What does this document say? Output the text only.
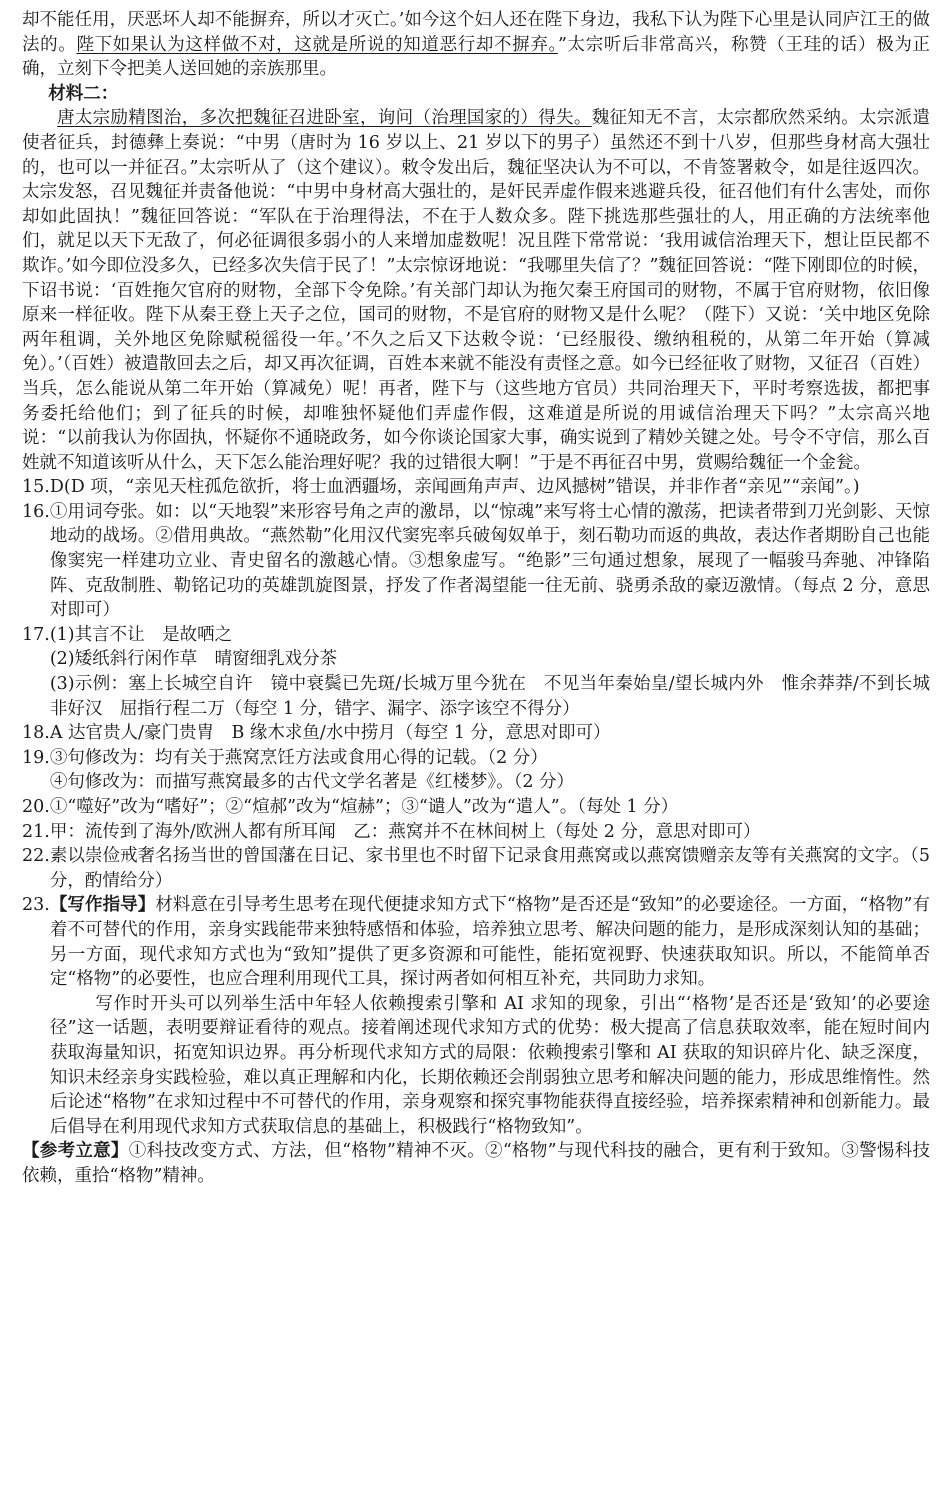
却不能任用，厌恶坏人却不能摒弃，所以才灭亡。’如今这个妇人还在陛下身边，我私下认为陛下心里是认同庐江王的做法的。陛下如果认为这样做不对，这就是所说的知道恶行却不摒弃。”太宗听后非常高兴，称赞（王珪的话）极为正确，立刻下令把美人送回她的亲族那里。

材料二：

唐太宗励精图治，多次把魏征召进卧室，询问（治理国家的）得失。魏征知无不言，太宗都欣然采纳。太宗派遣使者征兵，封德彝上奏说：“中男（唐时为 16 岁以上、21 岁以下的男子）虽然还不到十八岁，但那些身材高大强壮的，也可以一并征召。”太宗听从了（这个建议）。敕令发出后，魏征坚决认为不可以，不肯签署敕令，如是往返四次。太宗发怒，召见魏征并责备他说：“中男中身材高大强壮的，是奸民弄虚作假来逃避兵役，征召他们有什么害处，而你却如此固执！”魏征回答说：“军队在于治理得法，不在于人数众多。陛下挑选那些强壮的人，用正确的方法统率他们，就足以天下无敌了，何必征调很多弱小的人来增加虚数呢！况且陛下常常说：‘我用诚信治理天下，想让臣民都不欺诈。’如今即位没多久，已经多次失信于民了！”太宗惊讶地说：“我哪里失信了？”魏征回答说：“陛下刚即位的时候，下诏书说：‘百姓拖欠官府的财物，全部下令免除。’有关部门却认为拖欠秦王府国司的财物，不属于官府财物，依旧像原来一样征收。陛下从秦王登上天子之位，国司的财物，不是官府的财物又是什么呢？（陛下）又说：‘关中地区免除两年租调，关外地区免除赋税徭役一年。’不久之后又下达敕令说：‘已经服役、缴纳租税的，从第二年开始（算减免）。’（百姓）被遣散回去之后，却又再次征调，百姓本来就不能没有责怪之意。如今已经征收了财物，又征召（百姓）当兵，怎么能说从第二年开始（算减免）呢！再者，陛下与（这些地方官员）共同治理天下，平时考察选拔，都把事务委托给他们；到了征兵的时候，却唯独怀疑他们弄虚作假，这难道是所说的用诚信治理天下吗？”太宗高兴地说：“以前我认为你固执，怀疑你不通晓政务，如今你谈论国家大事，确实说到了精妙关键之处。号令不守信，那么百姓就不知道该听从什么，天下怎么能治理好呢？我的过错很大啊！”于是不再征召中男，赏赐给魏征一个金瓮。

15. D(D 项，“亲见天柱孤危欲折，将士血洒疆场，亲闻画角声声、边风撼树”错误，并非作者“亲见”“亲闻”。)

16. ①用词夸张。如：以“天地裂”来形容号角之声的激昂，以“惊魂”来写将士心情的激荡，把读者带到刀光剑影、天惊地动的战场。②借用典故。“燕然勒”化用汉代窦宪率兵破匈奴单于，刻石勒功而返的典故，表达作者期盼自己也能像窦宪一样建功立业、青史留名的激越心情。③想象虚写。“绝影”三句通过想象，展现了一幅骏马奔驰、冲锋陷阵、克敌制胜、勒铭记功的英雄凯旋图景，抒发了作者渴望能一往无前、骁勇杀敌的豪迈激情。（每点 2 分，意思对即可）

17. (1)其言不让　是故哂之

(2)矮纸斜行闲作草　晴窗细乳戏分茶

(3)示例：塞上长城空自许　镜中衰鬓已先斑/长城万里今犹在　不见当年秦始皇/望长城内外　惟余莽莽/不到长城非好汉　屈指行程二万（每空 1 分，错字、漏字、添字该空不得分）

18. A 达官贵人/豪门贵胄　B 缘木求鱼/水中捞月（每空 1 分，意思对即可）

19. ③句修改为：均有关于燕窝烹饪方法或食用心得的记载。（2 分）

④句修改为：而描写燕窝最多的古代文学名著是《红楼梦》。（2 分）

20. ①“噬好”改为“嗜好”；②“煊郝”改为“煊赫”；③“谴人”改为“遣人”。（每处 1 分）

21. 甲：流传到了海外/欧洲人都有所耳闻　乙：燕窝并不在林间树上（每处 2 分，意思对即可）

22. 素以崇俭戒奢名扬当世的曾国藩在日记、家书里也不时留下记录食用燕窝或以燕窝馈赠亲友等有关燕窝的文字。（5 分，酌情给分）

23. 【写作指导】材料意在引导考生思考在现代便捷求知方式下“格物”是否还是“致知”的必要途径。一方面，“格物”有着不可替代的作用，亲身实践能带来独特感悟和体验，培养独立思考、解决问题的能力，是形成深刻认知的基础；另一方面，现代求知方式也为“致知”提供了更多资源和可能性，能拓宽视野、快速获取知识。所以，不能简单否定“格物”的必要性，也应合理利用现代工具，探讨两者如何相互补充，共同助力求知。

写作时开头可以列举生活中年轻人依赖搜索引擎和 AI 求知的现象，引出“‘格物’是否还是‘致知’的必要途径”这一话题，表明要辩证看待的观点。接着阐述现代求知方式的优势：极大提高了信息获取效率，能在短时间内获取海量知识，拓宽知识边界。再分析现代求知方式的局限：依赖搜索引擎和 AI 获取的知识碎片化、缺乏深度，知识未经亲身实践检验，难以真正理解和内化，长期依赖还会削弱独立思考和解决问题的能力，形成思维惰性。然后论述“格物”在求知过程中不可替代的作用，亲身观察和探究事物能获得直接经验，培养探索精神和创新能力。最后倡导在利用现代求知方式获取信息的基础上，积极践行“格物致知”。

【参考立意】①科技改变方式、方法，但“格物”精神不灭。②“格物”与现代科技的融合，更有利于致知。③警惕科技依赖，重拾“格物”精神。
